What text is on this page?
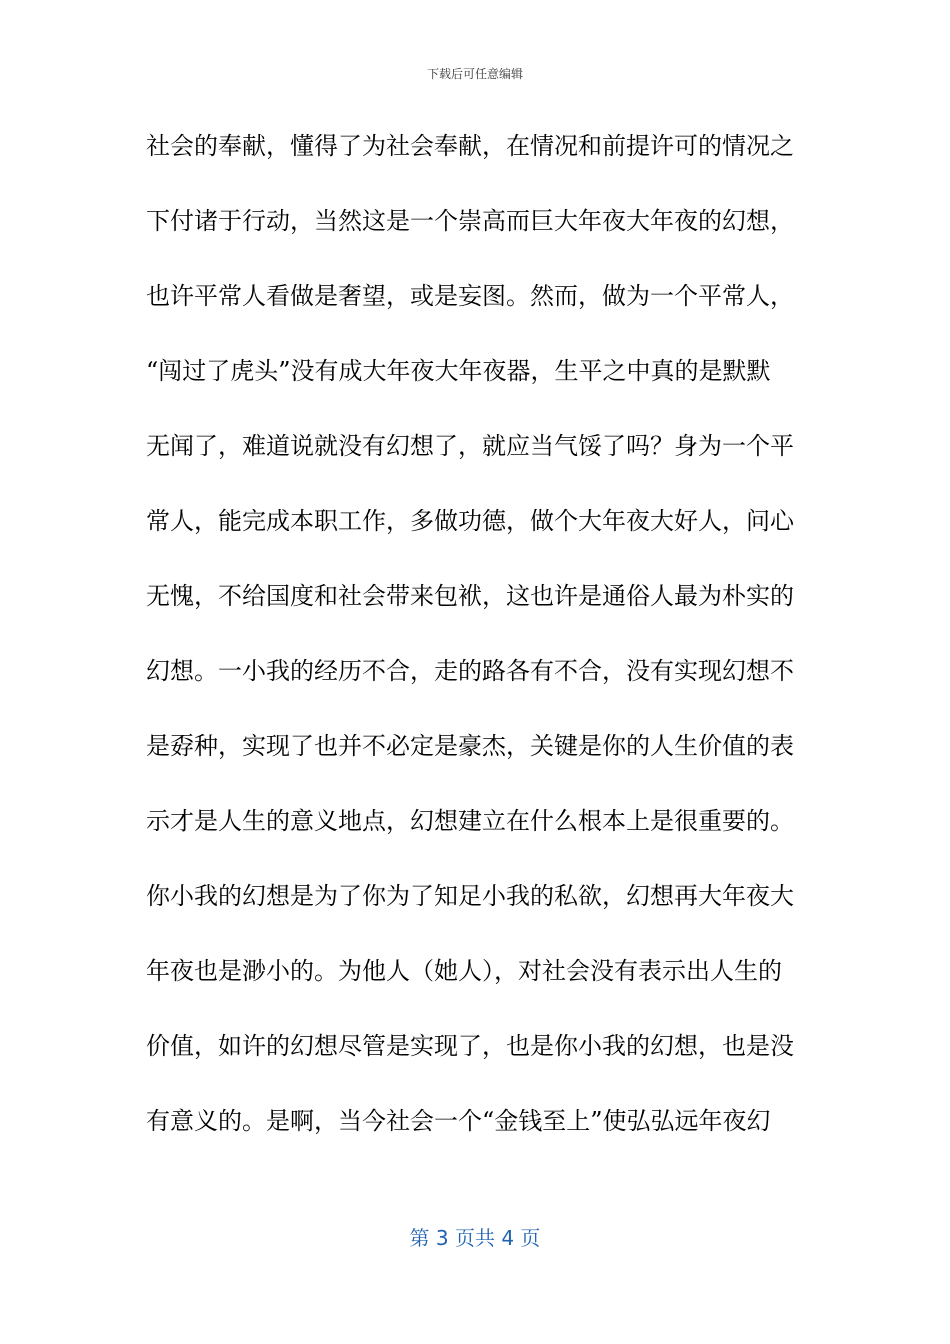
下载后可任意编辑
社会的奉献，懂得了为社会奉献，在情况和前提许可的情况之
下付诸于行动，当然这是一个崇高而巨大年夜大年夜的幻想，
也许平常人看做是奢望，或是妄图。然而，做为一个平常人，
“闯过了虎头”没有成大年夜大年夜器，生平之中真的是默默
无闻了，难道说就没有幻想了，就应当气馁了吗？身为一个平
常人，能完成本职工作，多做功德，做个大年夜大好人，问心
无愧，不给国度和社会带来包袱，这也许是通俗人最为朴实的
幻想。一小我的经历不合，走的路各有不合，没有实现幻想不
是孬种，实现了也并不必定是豪杰，关键是你的人生价值的表
示才是人生的意义地点，幻想建立在什么根本上是很重要的。
你小我的幻想是为了你为了知足小我的私欲，幻想再大年夜大
年夜也是渺小的。为他人（她人），对社会没有表示出人生的
价值，如许的幻想尽管是实现了，也是你小我的幻想，也是没
有意义的。是啊，当今社会一个“金钱至上”使弘弘远年夜幻
第 3 页共 4 页
